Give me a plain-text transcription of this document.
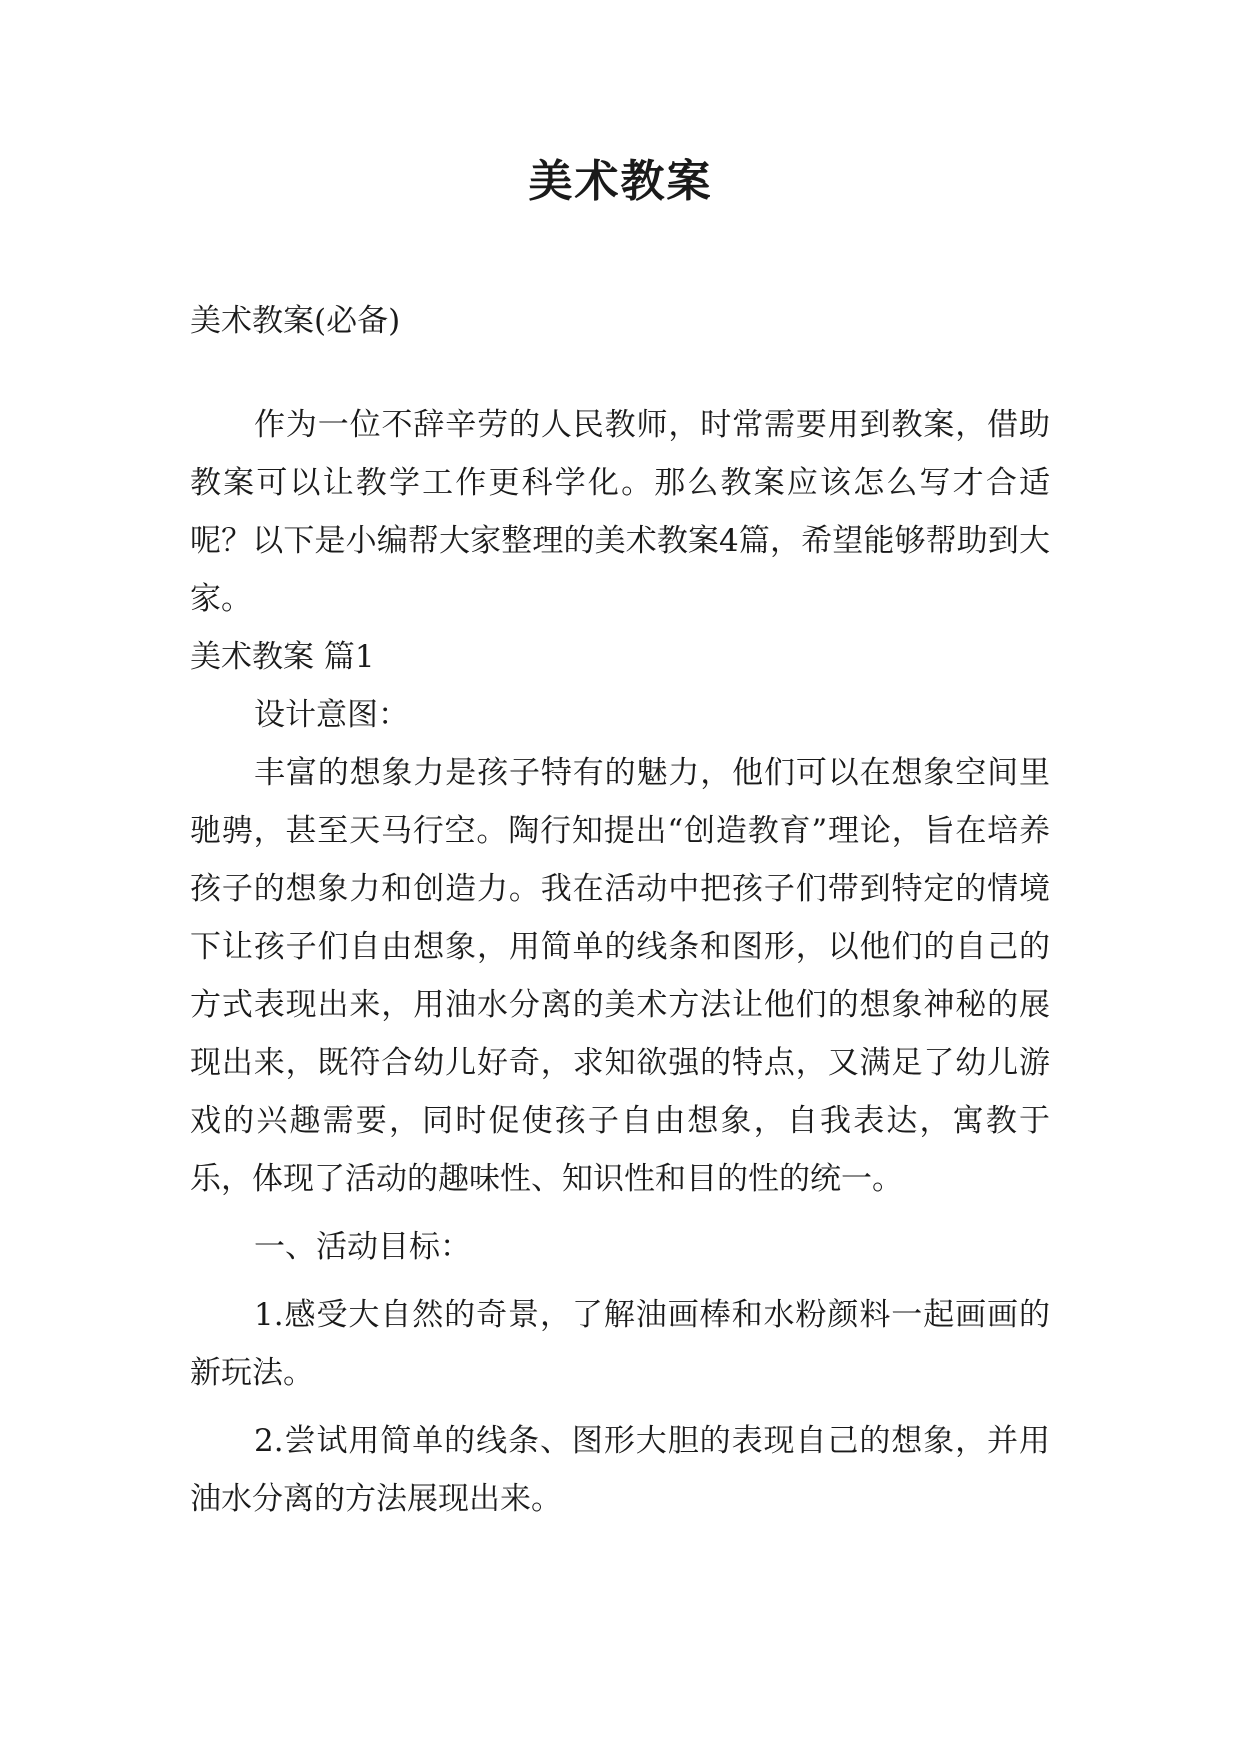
美术教案

美术教案(必备)

作为一位不辞辛劳的人民教师，时常需要用到教案，借助教案可以让教学工作更科学化。那么教案应该怎么写才合适呢？以下是小编帮大家整理的美术教案4篇，希望能够帮助到大家。

美术教案 篇1

设计意图：

丰富的想象力是孩子特有的魅力，他们可以在想象空间里驰骋，甚至天马行空。陶行知提出“创造教育”理论，旨在培养孩子的想象力和创造力。我在活动中把孩子们带到特定的情境下让孩子们自由想象，用简单的线条和图形，以他们的自己的方式表现出来，用油水分离的美术方法让他们的想象神秘的展现出来，既符合幼儿好奇，求知欲强的特点，又满足了幼儿游戏的兴趣需要，同时促使孩子自由想象，自我表达，寓教于乐，体现了活动的趣味性、知识性和目的性的统一。

一、活动目标：

1.感受大自然的奇景，了解油画棒和水粉颜料一起画画的新玩法。

2.尝试用简单的线条、图形大胆的表现自己的想象，并用油水分离的方法展现出来。
